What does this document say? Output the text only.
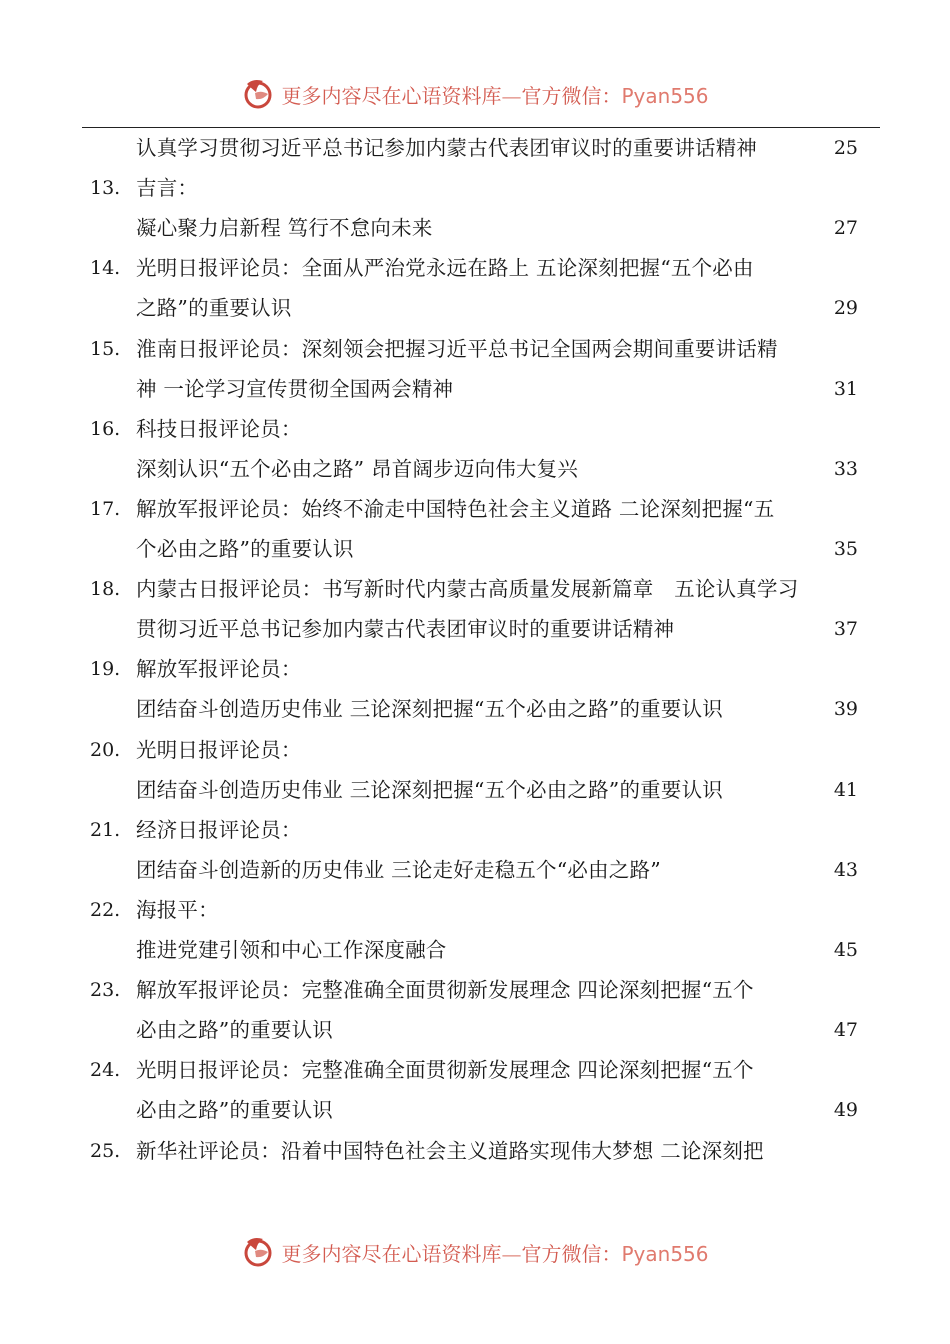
更多内容尽在心语资料库—官方微信：Pyan556
认真学习贯彻习近平总书记参加内蒙古代表团审议时的重要讲话精神	25
13. 吉言：
凝心聚力启新程 笃行不怠向未来	27
14. 光明日报评论员：全面从严治党永远在路上 五论深刻把握“五个必由
之路”的重要认识	29
15. 淮南日报评论员：深刻领会把握习近平总书记全国两会期间重要讲话精
神 一论学习宣传贯彻全国两会精神	31
16. 科技日报评论员：
深刻认识“五个必由之路” 昂首阔步迈向伟大复兴	33
17. 解放军报评论员：始终不渝走中国特色社会主义道路 二论深刻把握“五
个必由之路”的重要认识	35
18. 内蒙古日报评论员：书写新时代内蒙古高质量发展新篇章　五论认真学习
贯彻习近平总书记参加内蒙古代表团审议时的重要讲话精神	37
19. 解放军报评论员：
团结奋斗创造历史伟业 三论深刻把握“五个必由之路”的重要认识	39
20. 光明日报评论员：
团结奋斗创造历史伟业 三论深刻把握“五个必由之路”的重要认识	41
21. 经济日报评论员：
团结奋斗创造新的历史伟业 三论走好走稳五个“必由之路”	43
22. 海报平：
推进党建引领和中心工作深度融合	45
23. 解放军报评论员：完整准确全面贯彻新发展理念 四论深刻把握“五个
必由之路”的重要认识	47
24. 光明日报评论员：完整准确全面贯彻新发展理念 四论深刻把握“五个
必由之路”的重要认识	49
25. 新华社评论员：沿着中国特色社会主义道路实现伟大梦想 二论深刻把
更多内容尽在心语资料库—官方微信：Pyan556
